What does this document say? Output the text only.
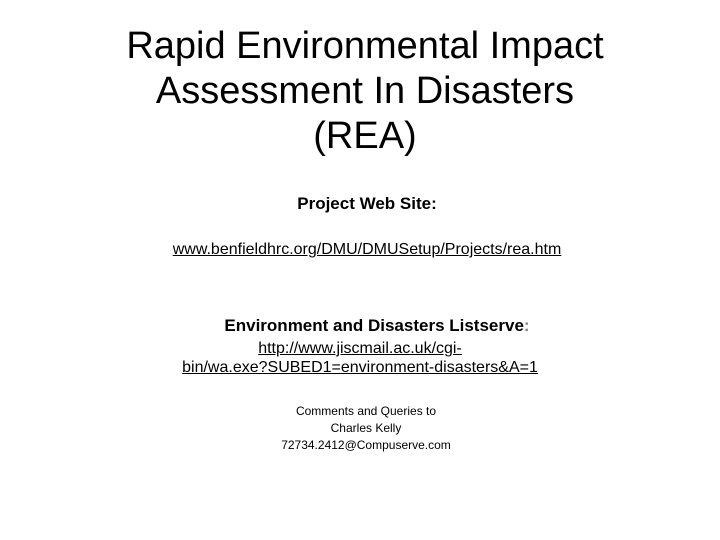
Rapid Environmental Impact
Assessment In Disasters
(REA)
Project Web Site:
www.benfieldhrc.org/DMU/DMUSetup/Projects/rea.htm
Environment and Disasters Listserve:
http://www.jiscmail.ac.uk/cgi-
bin/wa.exe?SUBED1=environment-disasters&A=1
Comments and Queries to
Charles Kelly
72734.2412@Compuserve.com
